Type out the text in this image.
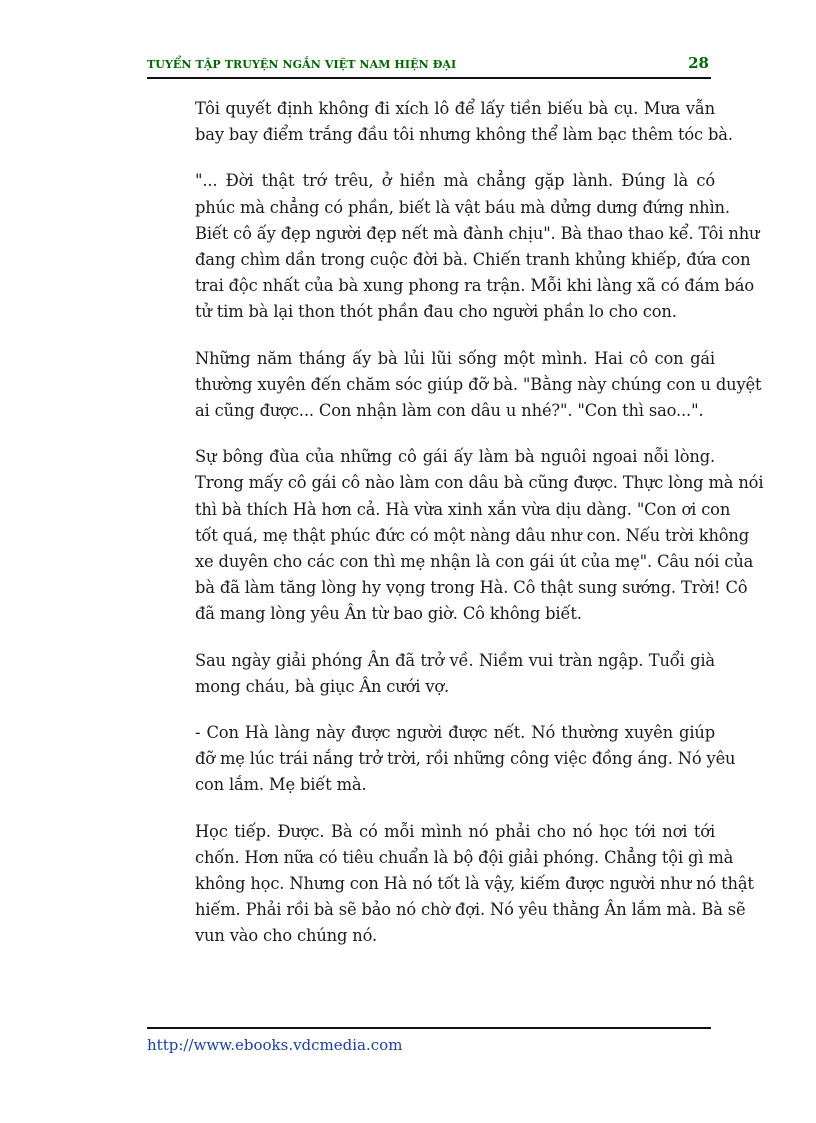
TUYỂN TẬP TRUYỆN NGẮN VIỆT NAM HIỆN ĐẠI	28
Tôi quyết định không đi xích lô để lấy tiền biếu bà cụ. Mưa vẫn
bay bay điểm trắng đầu tôi nhưng không thể làm bạc thêm tóc bà.
"... Đời thật trớ trêu, ở hiền mà chẳng gặp lành. Đúng là có
phúc mà chẳng có phần, biết là vật báu mà dửng dưng đứng nhìn.
Biết cô ấy đẹp người đẹp nết mà đành chịu". Bà thao thao kể. Tôi như
đang chìm dần trong cuộc đời bà. Chiến tranh khủng khiếp, đứa con
trai độc nhất của bà xung phong ra trận. Mỗi khi làng xã có đám báo
tử tim bà lại thon thót phần đau cho người phần lo cho con.
Những năm tháng ấy bà lủi lũi sống một mình. Hai cô con gái
thường xuyên đến chăm sóc giúp đỡ bà. "Bằng này chúng con u duyệt
ai cũng được... Con nhận làm con dâu u nhé?". "Con thì sao...".
Sự bông đùa của những cô gái ấy làm bà nguôi ngoai nỗi lòng.
Trong mấy cô gái cô nào làm con dâu bà cũng được. Thực lòng mà nói
thì bà thích Hà hơn cả. Hà vừa xinh xắn vừa dịu dàng. "Con ơi con
tốt quá, mẹ thật phúc đức có một nàng dâu như con. Nếu trời không
xe duyên cho các con thì mẹ nhận là con gái út của mẹ". Câu nói của
bà đã làm tăng lòng hy vọng trong Hà. Cô thật sung sướng. Trời! Cô
đã mang lòng yêu Ân từ bao giờ. Cô không biết.
Sau ngày giải phóng Ân đã trở về. Niềm vui tràn ngập. Tuổi già
mong cháu, bà giục Ân cưới vợ.
- Con Hà làng này được người được nết. Nó thường xuyên giúp
đỡ mẹ lúc trái nắng trở trời, rồi những công việc đồng áng. Nó yêu
con lắm. Mẹ biết mà.
Học tiếp. Được. Bà có mỗi mình nó phải cho nó học tới nơi tới
chốn. Hơn nữa có tiêu chuẩn là bộ đội giải phóng. Chẳng tội gì mà
không học. Nhưng con Hà nó tốt là vậy, kiếm được người như nó thật
hiếm. Phải rồi bà sẽ bảo nó chờ đợi. Nó yêu thằng Ân lắm mà. Bà sẽ
vun vào cho chúng nó.
http://www.ebooks.vdcmedia.com
